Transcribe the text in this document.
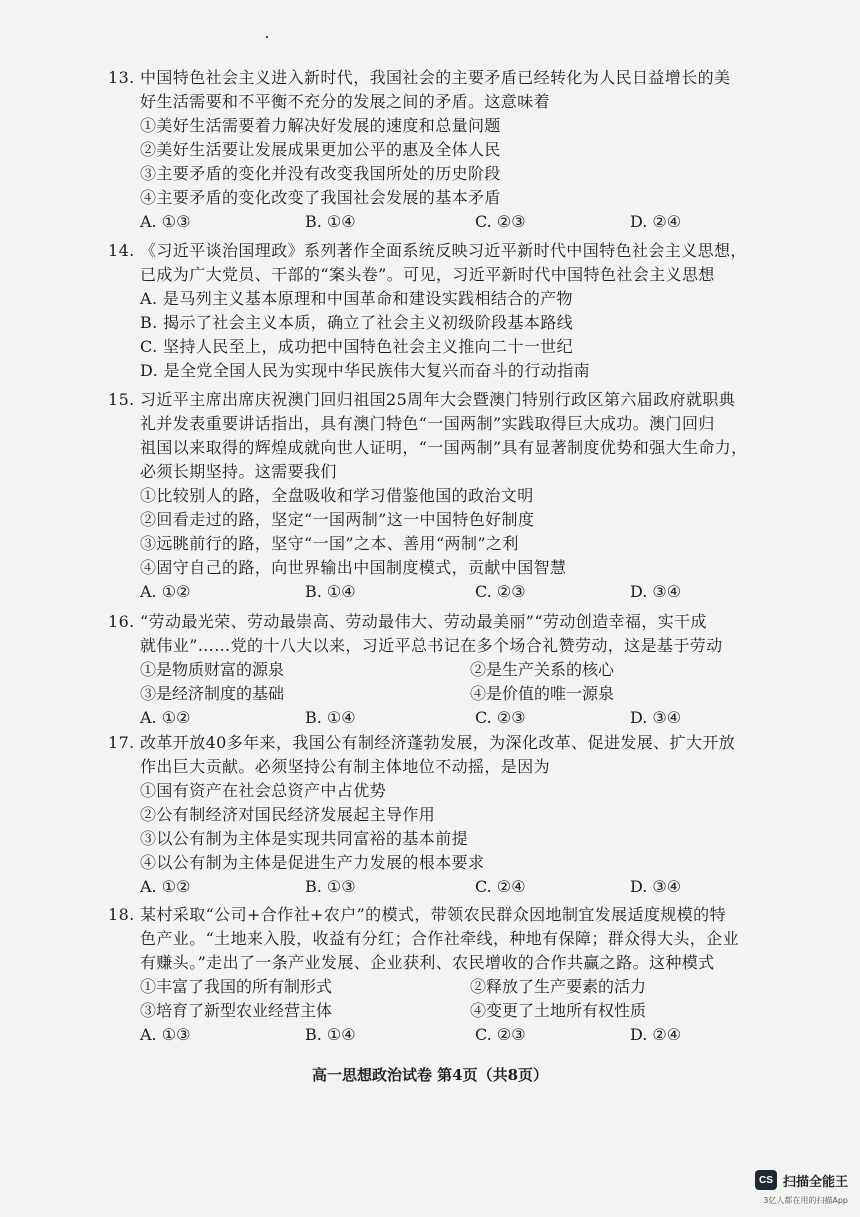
13. 中国特色社会主义进入新时代，我国社会的主要矛盾已经转化为人民日益增长的美
好生活需要和不平衡不充分的发展之间的矛盾。这意味着
①美好生活需要着力解决好发展的速度和总量问题
②美好生活要让发展成果更加公平的惠及全体人民
③主要矛盾的变化并没有改变我国所处的历史阶段
④主要矛盾的变化改变了我国社会发展的基本矛盾
A. ①③	B. ①④	C. ②③	D. ②④
14. 《习近平谈治国理政》系列著作全面系统反映习近平新时代中国特色社会主义思想，
已成为广大党员、干部的“案头卷”。可见，习近平新时代中国特色社会主义思想
A. 是马列主义基本原理和中国革命和建设实践相结合的产物
B. 揭示了社会主义本质，确立了社会主义初级阶段基本路线
C. 坚持人民至上，成功把中国特色社会主义推向二十一世纪
D. 是全党全国人民为实现中华民族伟大复兴而奋斗的行动指南
15. 习近平主席出席庆祝澳门回归祖国25周年大会暨澳门特别行政区第六届政府就职典
礼并发表重要讲话指出，具有澳门特色“一国两制”实践取得巨大成功。澳门回归
祖国以来取得的辉煌成就向世人证明，“一国两制”具有显著制度优势和强大生命力，
必须长期坚持。这需要我们
①比较别人的路，全盘吸收和学习借鉴他国的政治文明
②回看走过的路，坚定“一国两制”这一中国特色好制度
③远眺前行的路，坚守“一国”之本、善用“两制”之利
④固守自己的路，向世界输出中国制度模式，贡献中国智慧
A. ①②	B. ①④	C. ②③	D. ③④
16. “劳动最光荣、劳动最崇高、劳动最伟大、劳动最美丽”“劳动创造幸福，实干成
就伟业”……党的十八大以来，习近平总书记在多个场合礼赞劳动，这是基于劳动
①是物质财富的源泉	②是生产关系的核心
③是经济制度的基础	④是价值的唯一源泉
A. ①②	B. ①④	C. ②③	D. ③④
17. 改革开放40多年来，我国公有制经济蓬勃发展，为深化改革、促进发展、扩大开放
作出巨大贡献。必须坚持公有制主体地位不动摇，是因为
①国有资产在社会总资产中占优势
②公有制经济对国民经济发展起主导作用
③以公有制为主体是实现共同富裕的基本前提
④以公有制为主体是促进生产力发展的根本要求
A. ①②	B. ①③	C. ②④	D. ③④
18. 某村采取“公司+合作社+农户”的模式，带领农民群众因地制宜发展适度规模的特
色产业。“土地来入股，收益有分红；合作社牵线，种地有保障；群众得大头，企业
有赚头。”走出了一条产业发展、企业获利、农民增收的合作共赢之路。这种模式
①丰富了我国的所有制形式	②释放了生产要素的活力
③培育了新型农业经营主体	④变更了土地所有权性质
A. ①③	B. ①④	C. ②③	D. ②④
高一思想政治试卷 第4页（共8页）
CS 扫描全能王
3亿人都在用的扫描App
